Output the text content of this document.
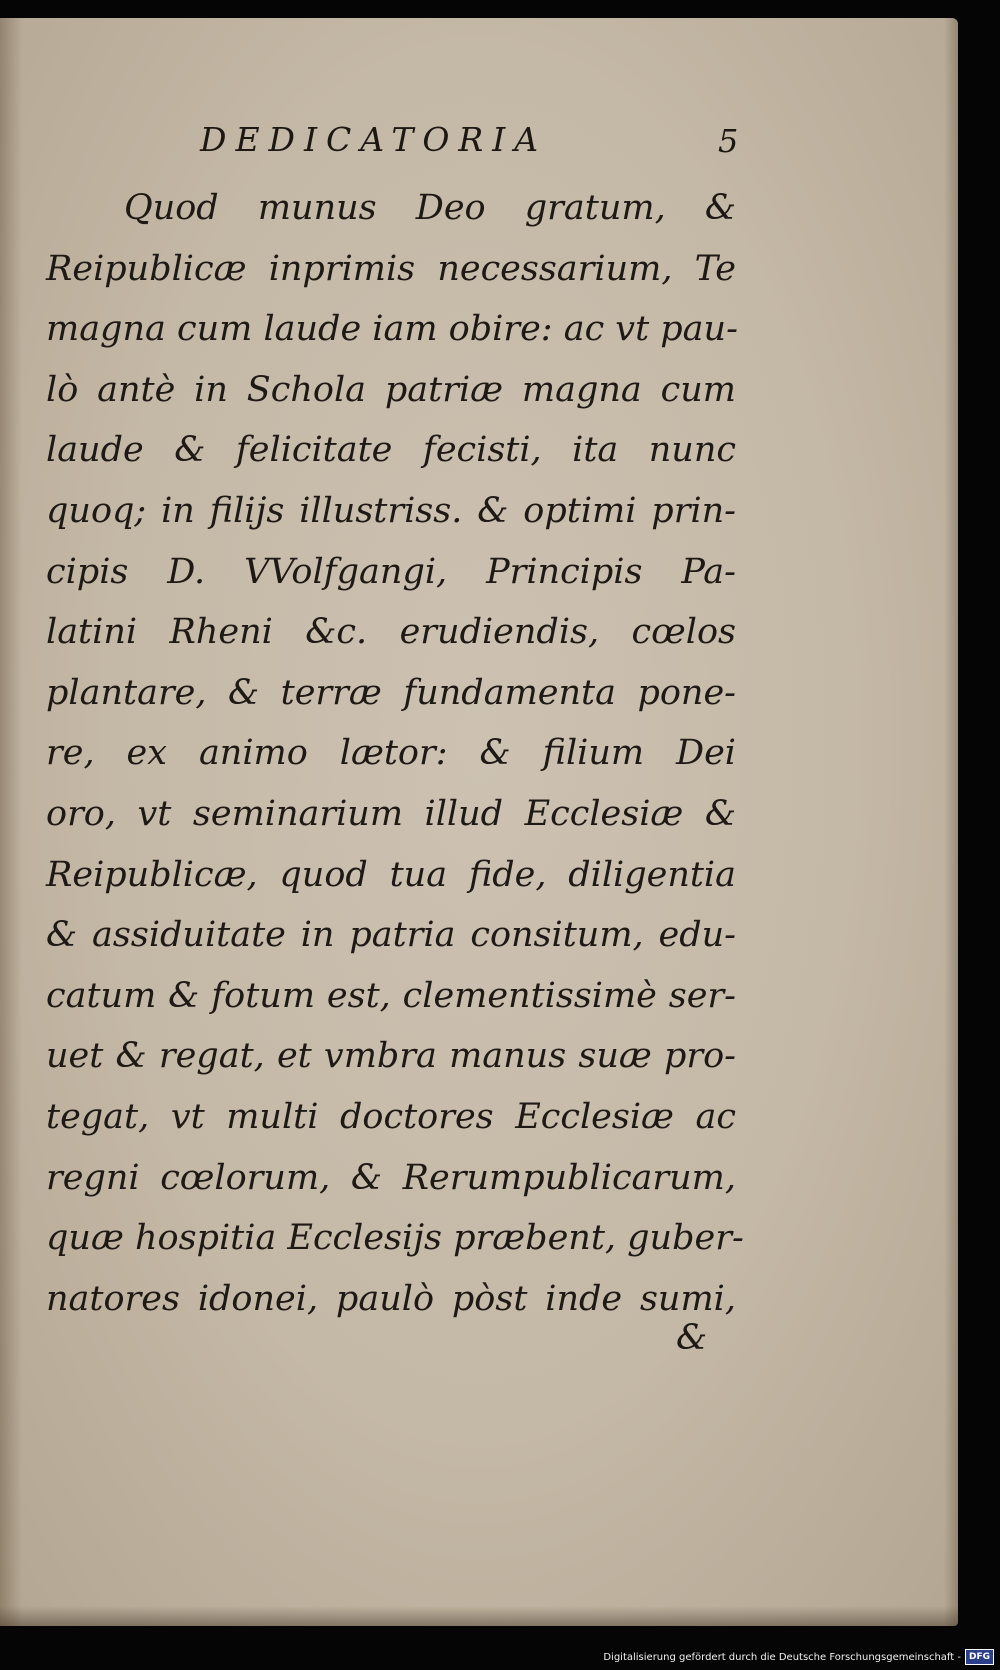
DEDICATORIA	5
Quod munus Deo gratum, &
Reipublicæ inprimis necessarium, Te
magna cum laude iam obire: ac vt pau-
lò antè in Schola patriæ magna cum
laude & felicitate fecisti, ita nunc
quoq; in filijs illustriss. & optimi prin-
cipis D. VVolfgangi, Principis Pa-
latini Rheni &c. erudiendis, cœlos
plantare, & terræ fundamenta pone-
re, ex animo lætor: & filium Dei
oro, vt seminarium illud Ecclesiæ &
Reipublicæ, quod tua fide, diligentia
& assiduitate in patria consitum, edu-
catum & fotum est, clementissimè ser-
uet & regat, et vmbra manus suæ pro-
tegat, vt multi doctores Ecclesiæ ac
regni cœlorum, & Rerumpublicarum,
quæ hospitia Ecclesijs præbent, guber-
natores idonei, paulò pòst inde sumi,
&
Digitalisierung gefördert durch die Deutsche Forschungsgemeinschaft - DFG
